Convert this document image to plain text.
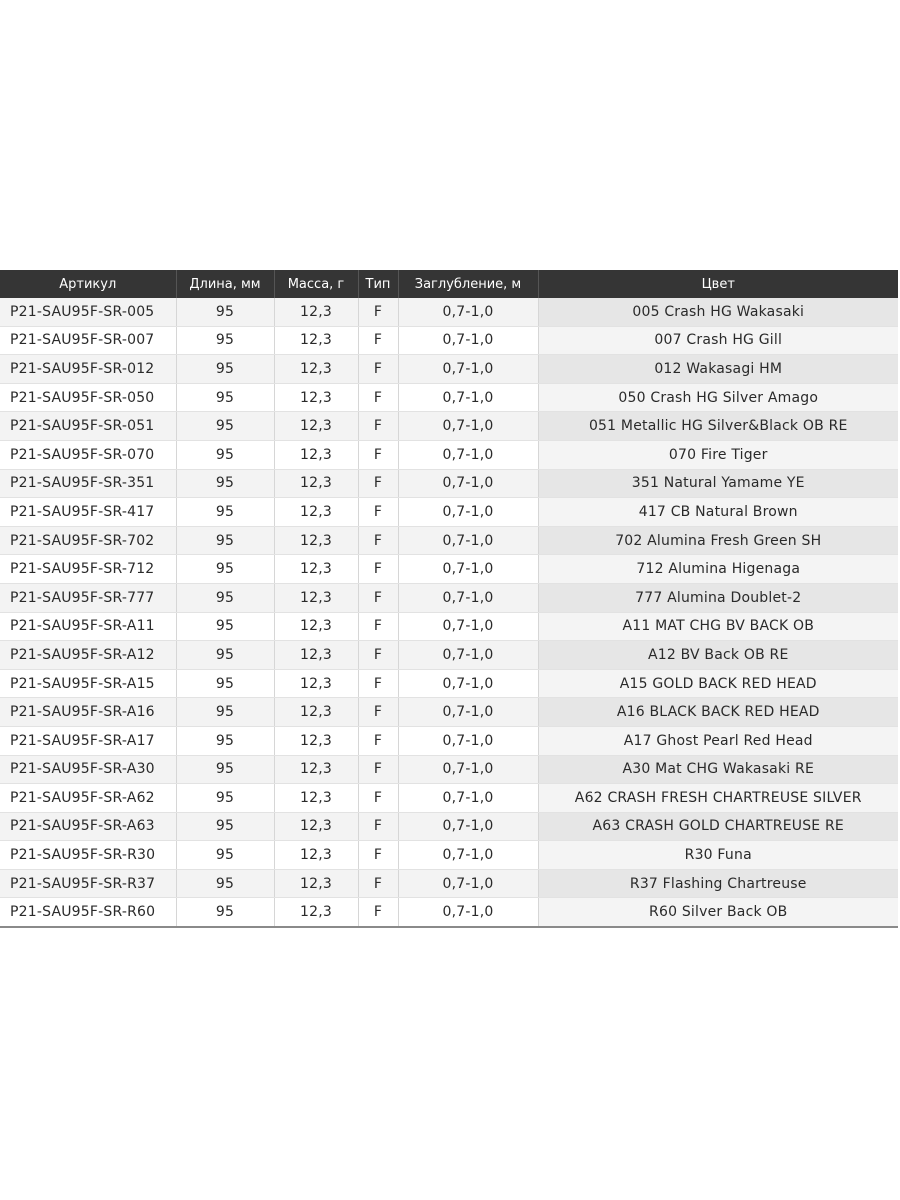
Артикул	Длина, мм	Масса, г	Тип	Заглубление, м	Цвет
P21-SAU95F-SR-005	95	12,3	F	0,7-1,0	005 Crash HG Wakasaki
P21-SAU95F-SR-007	95	12,3	F	0,7-1,0	007 Crash HG Gill
P21-SAU95F-SR-012	95	12,3	F	0,7-1,0	012 Wakasagi HM
P21-SAU95F-SR-050	95	12,3	F	0,7-1,0	050 Crash HG Silver Amago
P21-SAU95F-SR-051	95	12,3	F	0,7-1,0	051 Metallic HG Silver&Black OB RE
P21-SAU95F-SR-070	95	12,3	F	0,7-1,0	070 Fire Tiger
P21-SAU95F-SR-351	95	12,3	F	0,7-1,0	351 Natural Yamame YE
P21-SAU95F-SR-417	95	12,3	F	0,7-1,0	417 CB Natural Brown
P21-SAU95F-SR-702	95	12,3	F	0,7-1,0	702 Alumina Fresh Green SH
P21-SAU95F-SR-712	95	12,3	F	0,7-1,0	712 Alumina Higenaga
P21-SAU95F-SR-777	95	12,3	F	0,7-1,0	777 Alumina Doublet-2
P21-SAU95F-SR-A11	95	12,3	F	0,7-1,0	A11 MAT CHG BV BACK OB
P21-SAU95F-SR-A12	95	12,3	F	0,7-1,0	A12 BV Back OB RE
P21-SAU95F-SR-A15	95	12,3	F	0,7-1,0	A15 GOLD BACK RED HEAD
P21-SAU95F-SR-A16	95	12,3	F	0,7-1,0	A16 BLACK BACK RED HEAD
P21-SAU95F-SR-A17	95	12,3	F	0,7-1,0	A17 Ghost Pearl Red Head
P21-SAU95F-SR-A30	95	12,3	F	0,7-1,0	A30 Mat CHG Wakasaki RE
P21-SAU95F-SR-A62	95	12,3	F	0,7-1,0	A62 CRASH FRESH CHARTREUSE SILVER
P21-SAU95F-SR-A63	95	12,3	F	0,7-1,0	A63 CRASH GOLD CHARTREUSE RE
P21-SAU95F-SR-R30	95	12,3	F	0,7-1,0	R30 Funa
P21-SAU95F-SR-R37	95	12,3	F	0,7-1,0	R37 Flashing Chartreuse
P21-SAU95F-SR-R60	95	12,3	F	0,7-1,0	R60 Silver Back OB
